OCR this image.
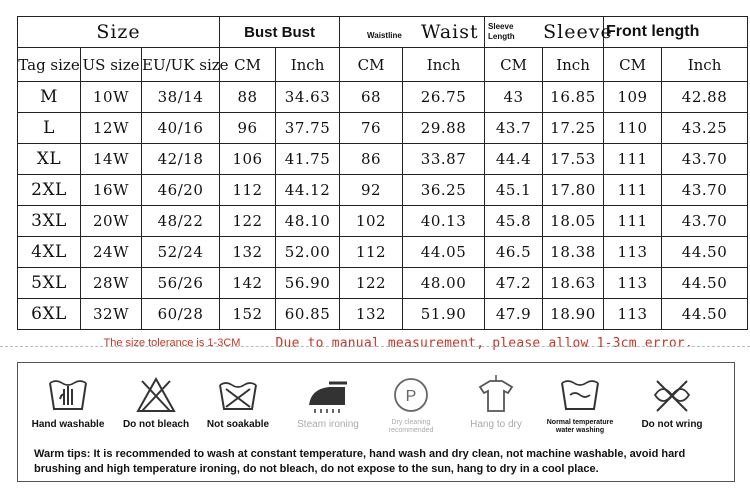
Size			Bust Bust		Waistline Waist		Sleeve Length Sleeve		Front length	
Tag size	US size	EU/UK size	CM	Inch	CM	Inch	CM	Inch	CM	Inch
M	10W	38/14	88	34.63	68	26.75	43	16.85	109	42.88
L	12W	40/16	96	37.75	76	29.88	43.7	17.25	110	43.25
XL	14W	42/18	106	41.75	86	33.87	44.4	17.53	111	43.70
2XL	16W	46/20	112	44.12	92	36.25	45.1	17.80	111	43.70
3XL	20W	48/22	122	48.10	102	40.13	45.8	18.05	111	43.70
4XL	24W	52/24	132	52.00	112	44.05	46.5	18.38	113	44.50
5XL	28W	56/26	142	56.90	122	48.00	47.2	18.63	113	44.50
6XL	32W	60/28	152	60.85	132	51.90	47.9	18.90	113	44.50
The size tolerance is 1-3CM				Due to manual measurement, please allow 1-3cm error.						
Hand washable	Do not bleach	Not soakable	Steam ironing
P
Dry cleaning recommended
Hang to dry	Normal temperature water washing
Do not wring

Warm tips: It is recommended to wash at constant temperature, hand wash and dry clean, not machine washable, avoid hard brushing and high temperature ironing, do not bleach, do not expose to the sun, hang to dry in a cool place.
